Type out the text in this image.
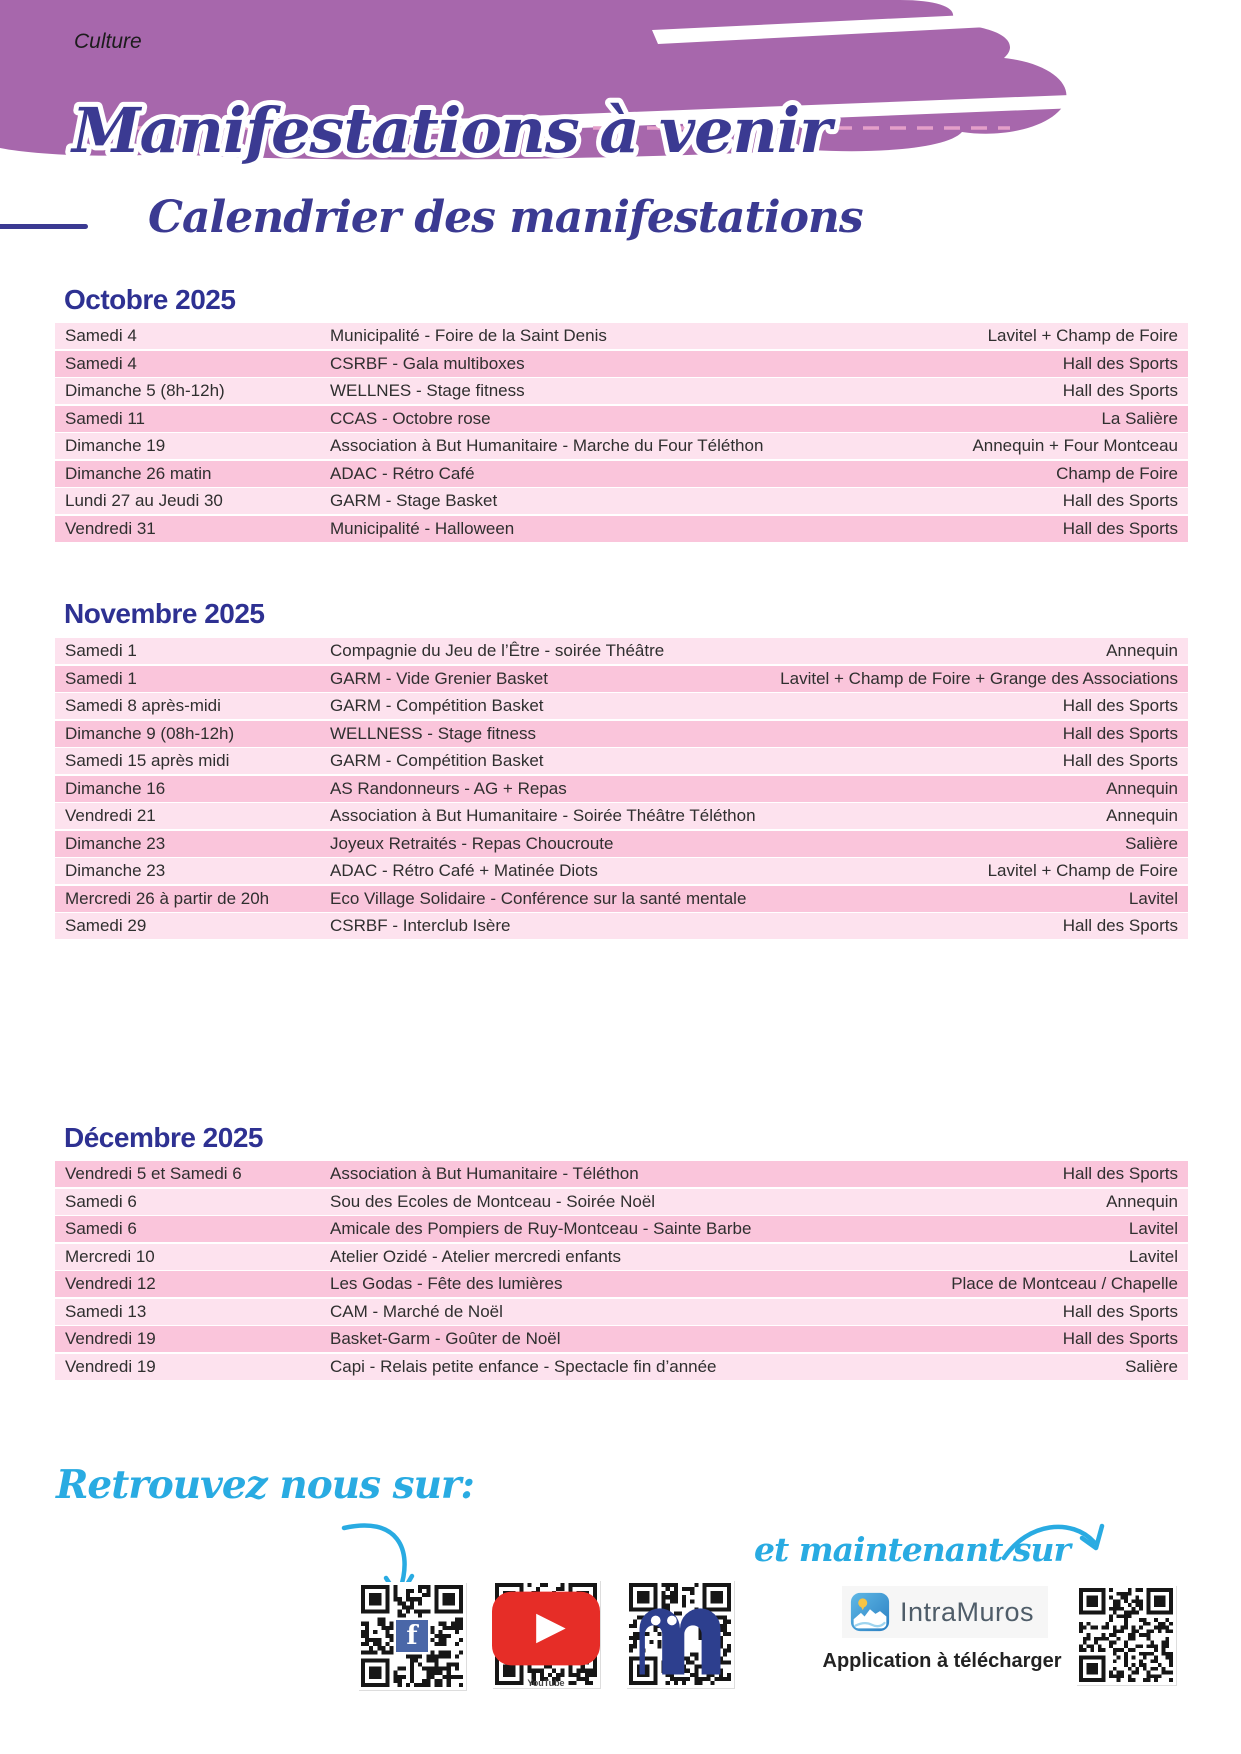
Culture
Manifestations à venir
Calendrier des manifestations
Octobre 2025
Samedi 4	Municipalité - Foire de la Saint Denis	Lavitel + Champ de Foire
Samedi 4	CSRBF - Gala multiboxes	Hall des Sports
Dimanche 5 (8h-12h)	WELLNES - Stage fitness	Hall des Sports
Samedi 11	CCAS - Octobre rose	La Salière
Dimanche 19	Association à But Humanitaire - Marche du Four Téléthon	Annequin + Four Montceau
Dimanche 26 matin	ADAC - Rétro Café	Champ de Foire
Lundi 27 au Jeudi 30	GARM - Stage Basket	Hall des Sports
Vendredi 31	Municipalité - Halloween	Hall des Sports
Novembre 2025
Samedi 1	Compagnie du Jeu de l’Être - soirée Théâtre	Annequin
Samedi 1	GARM - Vide Grenier Basket	Lavitel + Champ de Foire + Grange des Associations
Samedi 8 après-midi	GARM - Compétition Basket	Hall des Sports
Dimanche 9 (08h-12h)	WELLNESS - Stage fitness	Hall des Sports
Samedi 15 après midi	GARM - Compétition Basket	Hall des Sports
Dimanche 16	AS Randonneurs - AG + Repas	Annequin
Vendredi 21	Association à But Humanitaire - Soirée Théâtre Téléthon	Annequin
Dimanche 23	Joyeux Retraités - Repas Choucroute	Salière
Dimanche 23	ADAC - Rétro Café + Matinée Diots	Lavitel + Champ de Foire
Mercredi 26 à partir de 20h	Eco Village Solidaire - Conférence sur la santé mentale	Lavitel
Samedi 29	CSRBF - Interclub Isère	Hall des Sports
Décembre 2025
Vendredi 5 et Samedi 6	Association à But Humanitaire - Téléthon	Hall des Sports
Samedi 6	Sou des Ecoles de Montceau - Soirée Noël	Annequin
Samedi 6	Amicale des Pompiers de Ruy-Montceau - Sainte Barbe	Lavitel
Mercredi 10	Atelier Ozidé - Atelier mercredi enfants	Lavitel
Vendredi 12	Les Godas - Fête des lumières	Place de Montceau / Chapelle
Samedi 13	CAM - Marché de Noël	Hall des Sports
Vendredi 19	Basket-Garm - Goûter de Noël	Hall des Sports
Vendredi 19	Capi - Relais petite enfance - Spectacle fin d’année	Salière
Retrouvez nous sur:
f
YouTube
et maintenant sur
IntraMuros
Application à télécharger
